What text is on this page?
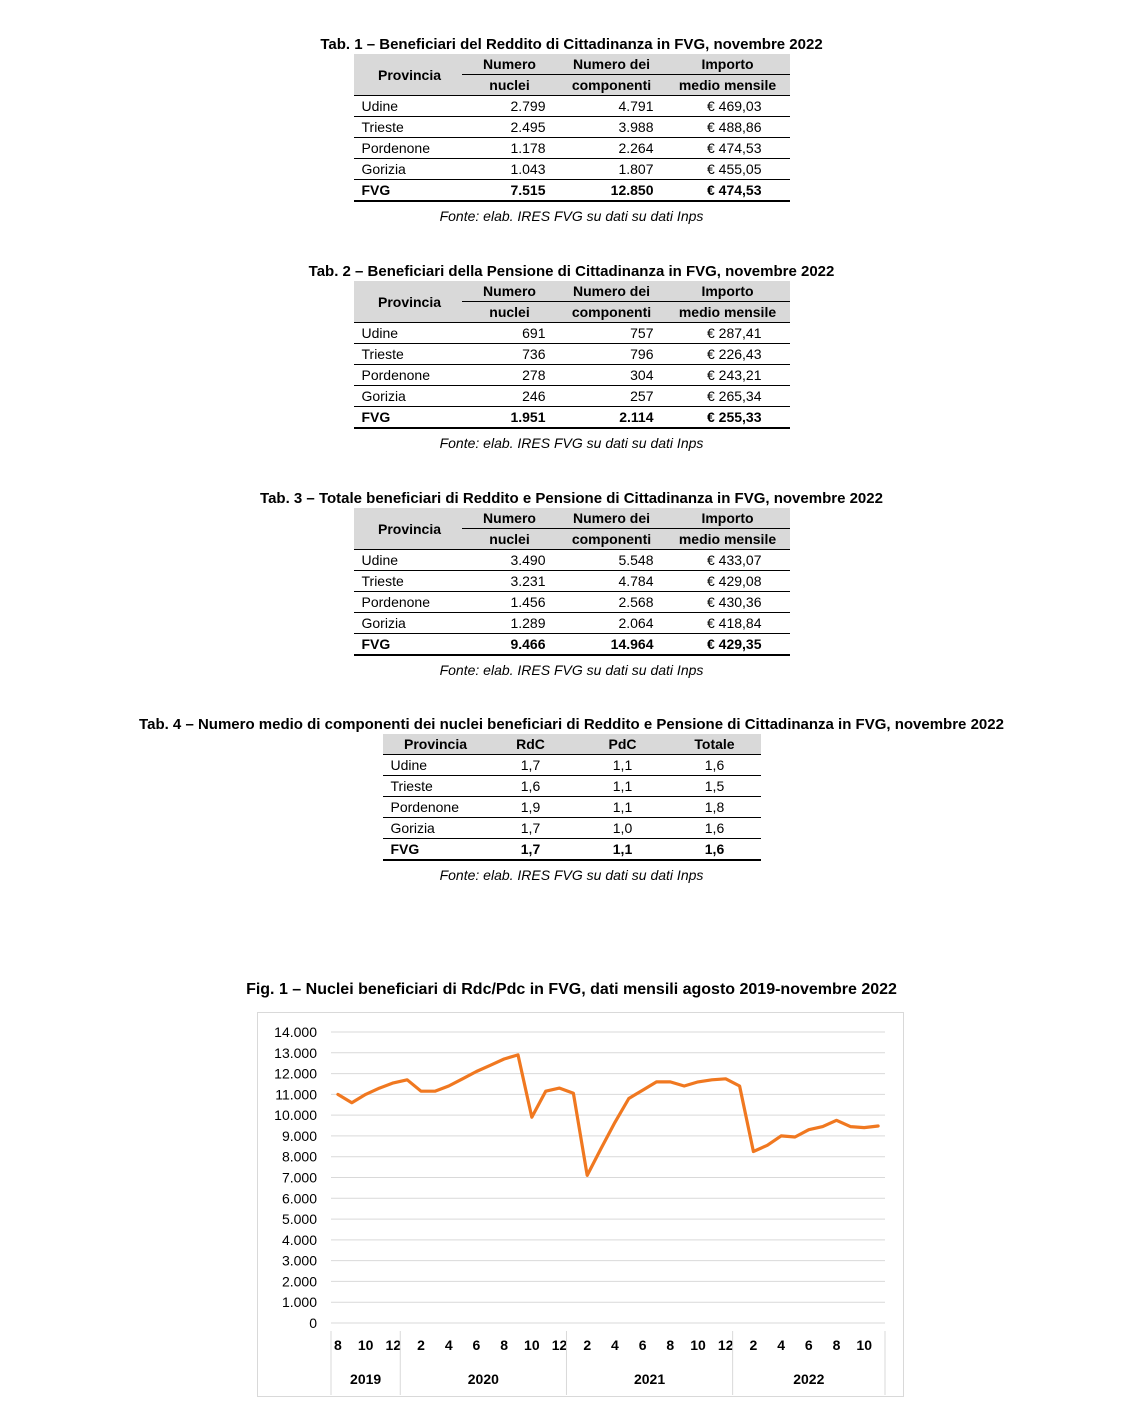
Tab. 1 – Beneficiari del Reddito di Cittadinanza in FVG, novembre 2022
Provincia	Numero	Numero dei	Importo
	nuclei	componenti	medio mensile
Udine	2.799	4.791	€ 469,03
Trieste	2.495	3.988	€ 488,86
Pordenone	1.178	2.264	€ 474,53
Gorizia	1.043	1.807	€ 455,05
FVG	7.515	12.850	€ 474,53
Fonte: elab. IRES FVG su dati su dati Inps
Tab. 2 – Beneficiari della Pensione di Cittadinanza in FVG, novembre 2022
Provincia	Numero	Numero dei	Importo
	nuclei	componenti	medio mensile
Udine	691	757	€ 287,41
Trieste	736	796	€ 226,43
Pordenone	278	304	€ 243,21
Gorizia	246	257	€ 265,34
FVG	1.951	2.114	€ 255,33
Fonte: elab. IRES FVG su dati su dati Inps
Tab. 3 – Totale beneficiari di Reddito e Pensione di Cittadinanza in FVG, novembre 2022
Provincia	Numero	Numero dei	Importo
	nuclei	componenti	medio mensile
Udine	3.490	5.548	€ 433,07
Trieste	3.231	4.784	€ 429,08
Pordenone	1.456	2.568	€ 430,36
Gorizia	1.289	2.064	€ 418,84
FVG	9.466	14.964	€ 429,35
Fonte: elab. IRES FVG su dati su dati Inps
Tab. 4 – Numero medio di componenti dei nuclei beneficiari di Reddito e Pensione di Cittadinanza in FVG, novembre 2022
Provincia	RdC	PdC	Totale
Udine	1,7	1,1	1,6
Trieste	1,6	1,1	1,5
Pordenone	1,9	1,1	1,8
Gorizia	1,7	1,0	1,6
FVG	1,7	1,1	1,6
Fonte: elab. IRES FVG su dati su dati Inps
Fig. 1 – Nuclei beneficiari di Rdc/Pdc in FVG, dati mensili agosto 2019-novembre 2022
0
1.000
2.000
3.000
4.000
5.000
6.000
7.000
8.000
9.000
10.000
11.000
12.000
13.000
14.000
8 10 12 2 4 6 8 10 12 2 4 6 8 10 12 2 4 6 8 10
2019	2020	2021	2022
